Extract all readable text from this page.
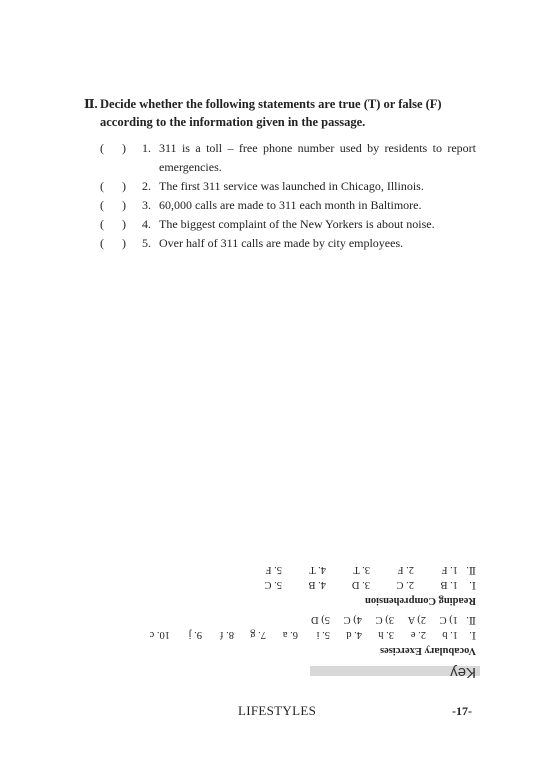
Ⅱ. Decide whether the following statements are true (T) or false (F)
according to the information given in the passage.
(      )	1. 311 is a toll – free phone number used by residents to report emergencies.
(      )	2. The first 311 service was launched in Chicago, Illinois.
(      )	3. 60,000 calls are made to 311 each month in Baltimore.
(      )	4. The biggest complaint of the New Yorkers is about noise.
(      )	5. Over half of 311 calls are made by city employees.
Key
Vocabulary Exercises
Ⅰ.1. b2. e3. h4. d5. i6. a7. g8. f9. j10. c
Ⅱ.1) C2) A3) C4) C5) D
Reading Comprehension
Ⅰ.1. B2. C3. D4. B5. C
Ⅱ.1. F2. F3. T4. T5. F
LIFESTYLES	-17-
